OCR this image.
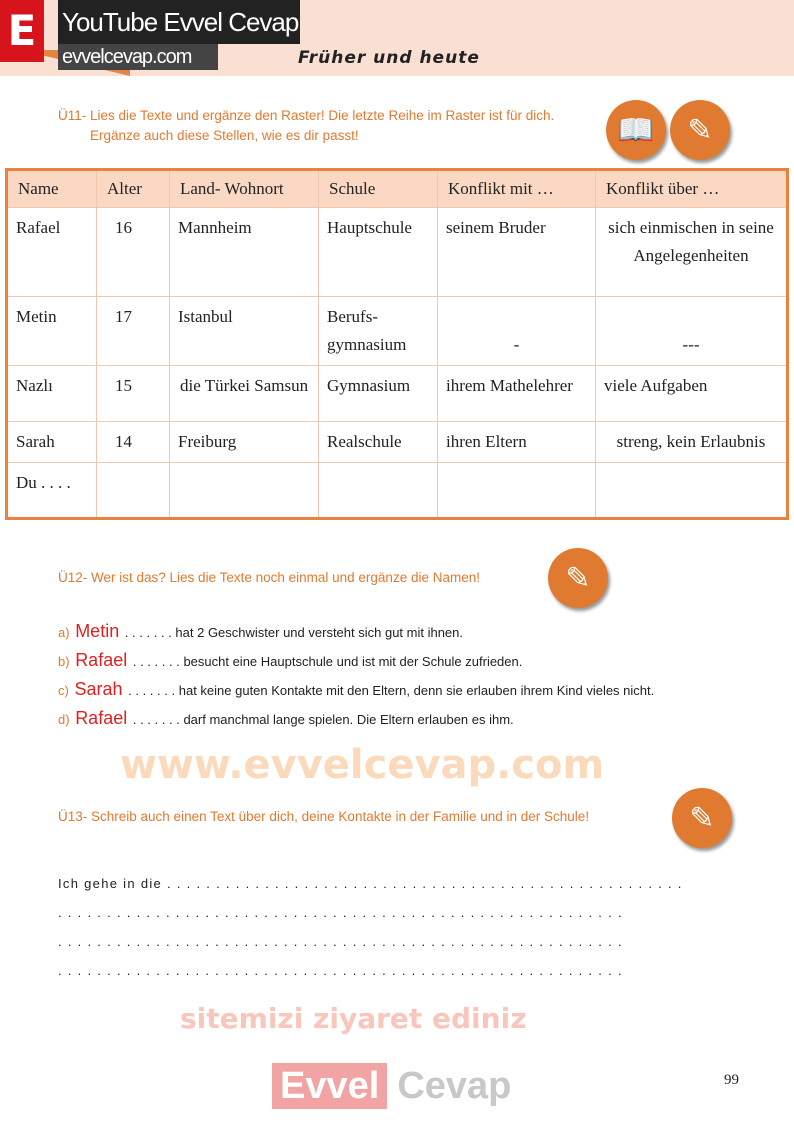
E YouTube Evvel Cevap
evvelcevap.com	Früher und heute
Ü11- Lies die Texte und ergänze den Raster! Die letzte Reihe im Raster ist für dich.
Ergänze auch diese Stellen, wie es dir passt!	📖	✎
Name	Alter	Land- Wohnort	Schule	Konflikt mit …	Konflikt über …
Rafael	16	Mannheim	Hauptschule	seinem Bruder	sich einmischen in seine Angelegenheiten
Metin	17	Istanbul	Berufs- gymnasium	-	---
Nazlı	15	die Türkei Samsun	Gymnasium	ihrem Mathelehrer	viele Aufgaben
Sarah	14	Freiburg	Realschule	ihren Eltern	streng, kein Erlaubnis
Du . . . .					
Ü12- Wer ist das? Lies die Texte noch einmal und ergänze die Namen!	✎
a) Metin . . . . . . . hat 2 Geschwister und versteht sich gut mit ihnen.
b) Rafael . . . . . . . besucht eine Hauptschule und ist mit der Schule zufrieden.
c) Sarah . . . . . . . hat keine guten Kontakte mit den Eltern, denn sie erlauben ihrem Kind vieles nicht.
d) Rafael . . . . . . . darf manchmal lange spielen. Die Eltern erlauben es ihm.
www.evvelcevap.com
Ü13- Schreib auch einen Text über dich, deine Kontakte in der Familie und in der Schule!	✎
Ich gehe in die . . . . . . . . . . . . . . . . . . . . . . . . . . . . . . . . . . . . . . . . . . . . . . . . . . . . .
. . . . . . . . . . . . . . . . . . . . . . . . . . . . . . . . . . . . . . . . . . . . . . . . . . . . . . . . . .
. . . . . . . . . . . . . . . . . . . . . . . . . . . . . . . . . . . . . . . . . . . . . . . . . . . . . . . . . .
. . . . . . . . . . . . . . . . . . . . . . . . . . . . . . . . . . . . . . . . . . . . . . . . . . . . . . . . . .
sitemizi ziyaret ediniz
Evvel Cevap	99
